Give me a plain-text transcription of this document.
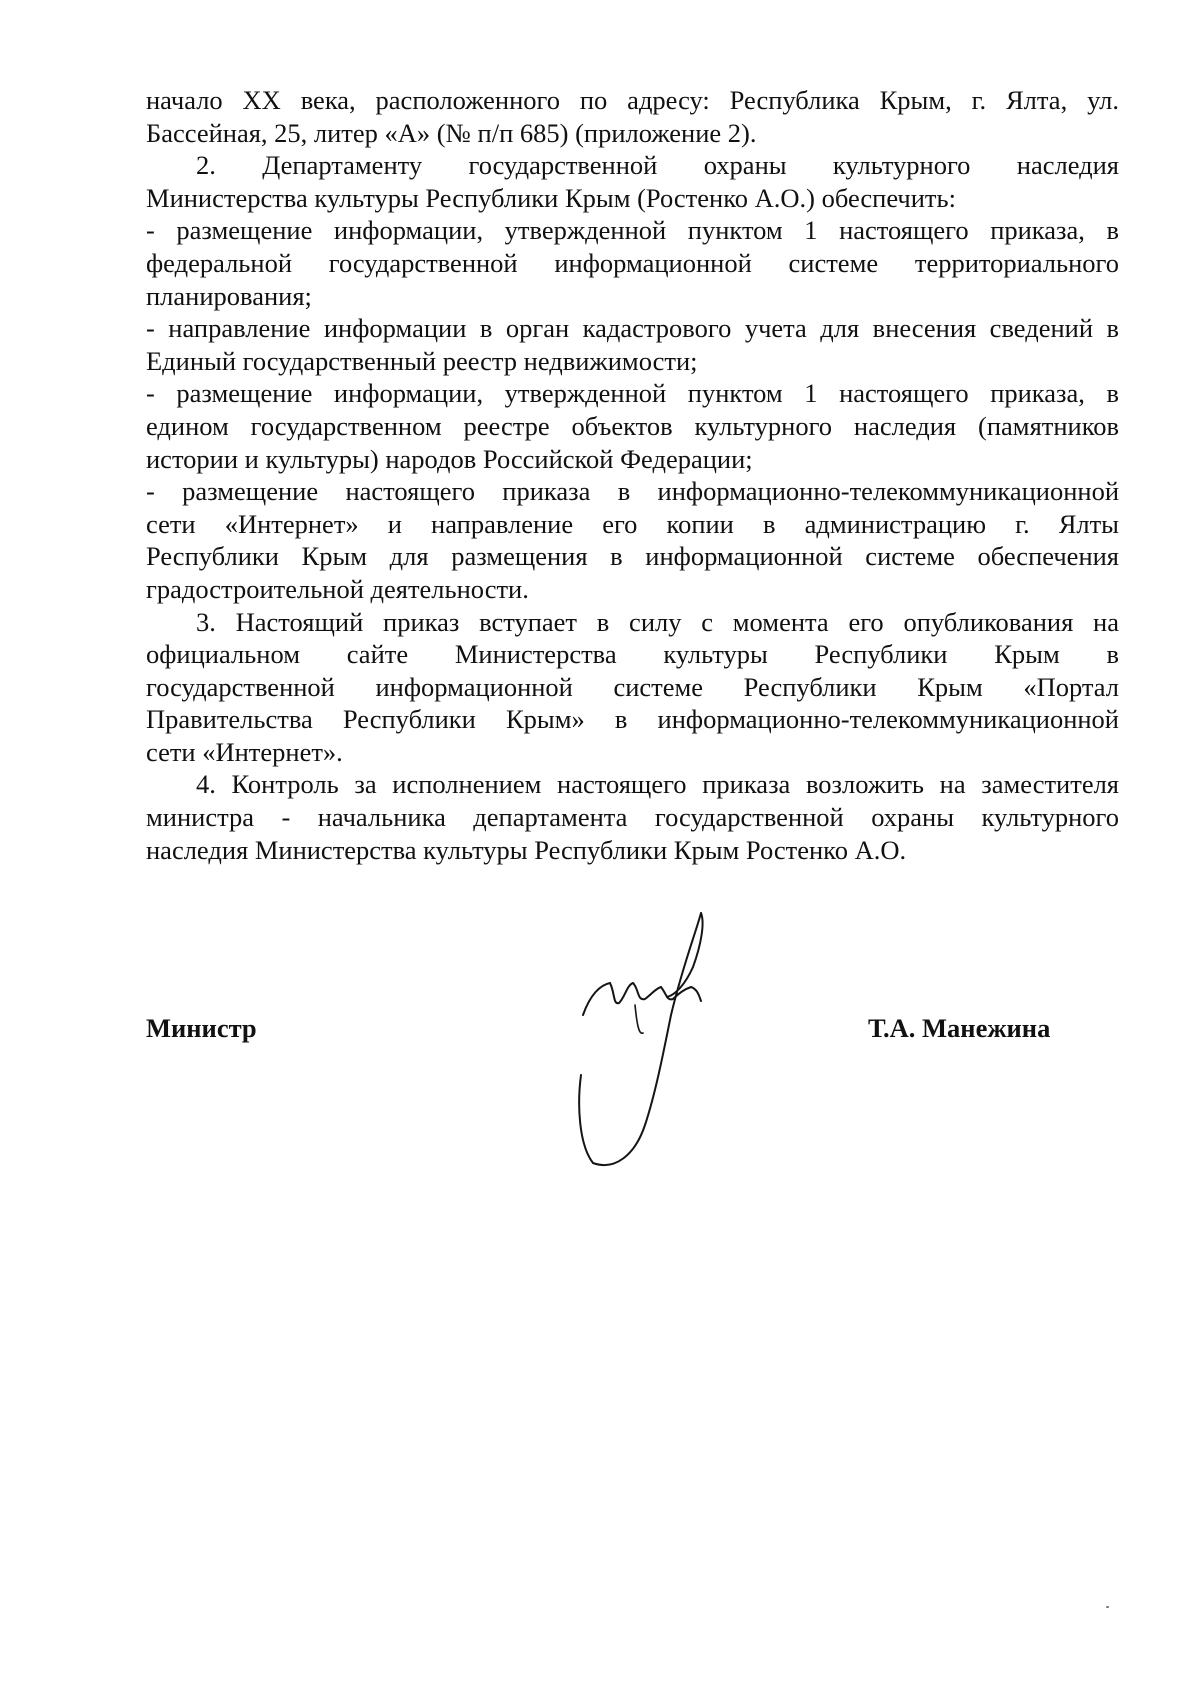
начало XX века, расположенного по адресу: Республика Крым, г. Ялта, ул.

Бассейная, 25, литер «А» (№ п/п 685) (приложение 2).

2. Департаменту государственной охраны культурного наследия

Министерства культуры Республики Крым (Ростенко А.О.) обеспечить:

- размещение информации, утвержденной пунктом 1 настоящего приказа, в

федеральной государственной информационной системе территориального

планирования;

- направление информации в орган кадастрового учета для внесения сведений в

Единый государственный реестр недвижимости;

- размещение информации, утвержденной пунктом 1 настоящего приказа, в

едином государственном реестре объектов культурного наследия (памятников

истории и культуры) народов Российской Федерации;

- размещение настоящего приказа в информационно-телекоммуникационной

сети «Интернет» и направление его копии в администрацию г. Ялты

Республики Крым для размещения в информационной системе обеспечения

градостроительной деятельности.

3. Настоящий приказ вступает в силу с момента его опубликования на

официальном сайте Министерства культуры Республики Крым в

государственной информационной системе Республики Крым «Портал

Правительства Республики Крым» в информационно-телекоммуникационной

сети «Интернет».

4. Контроль за исполнением настоящего приказа возложить на заместителя

министра - начальника департамента государственной охраны культурного

наследия Министерства культуры Республики Крым Ростенко А.О.

Министр	Т.А. Манежина
